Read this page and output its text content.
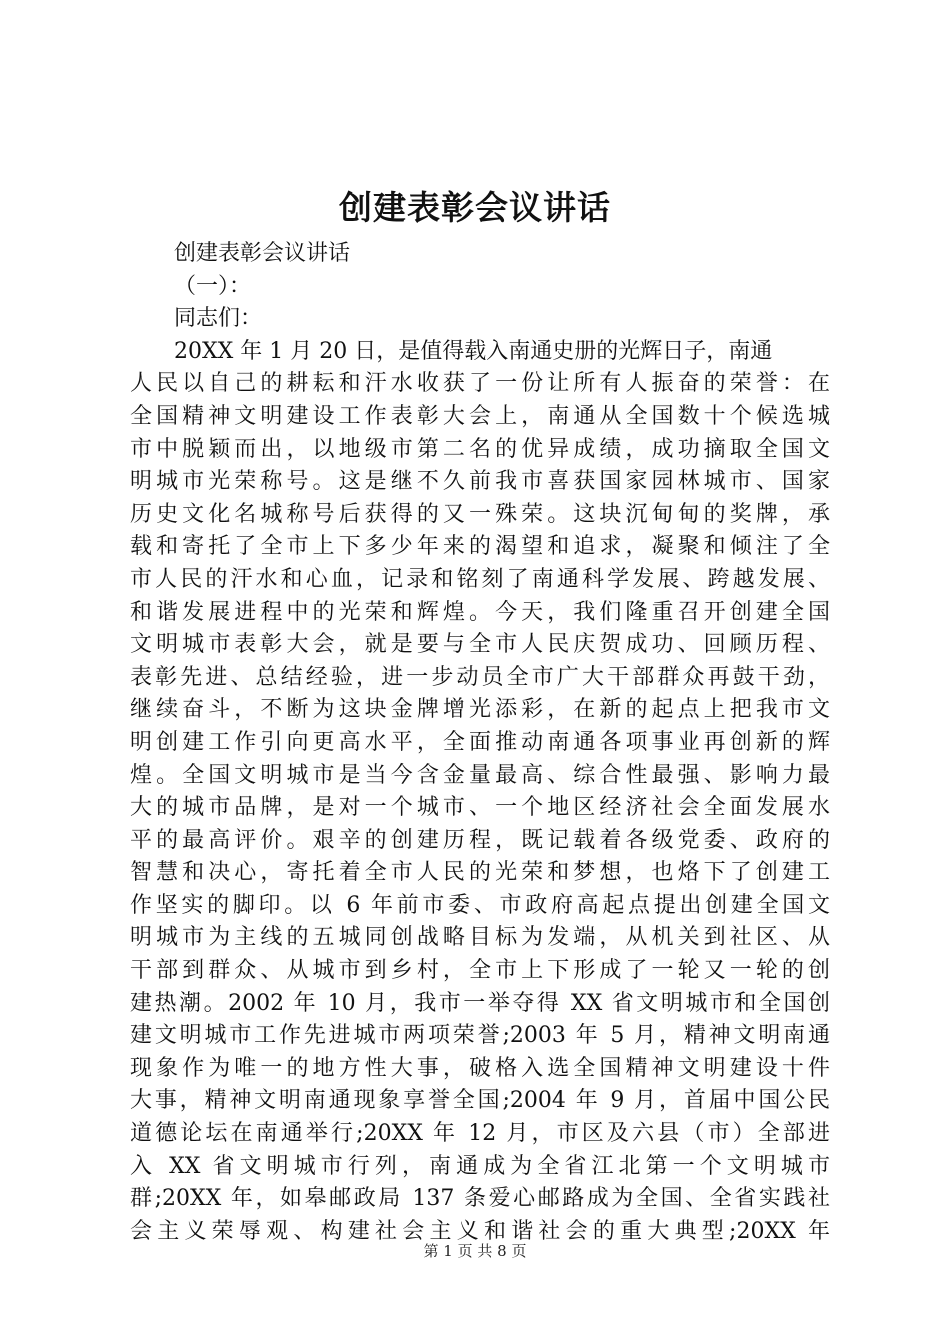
创建表彰会议讲话
创建表彰会议讲话
（一）：
同志们：
20XX 年 1 月 20 日，是值得载入南通史册的光辉日子，南通
人民以自己的耕耘和汗水收获了一份让所有人振奋的荣誉：在
全国精神文明建设工作表彰大会上，南通从全国数十个候选城
市中脱颖而出，以地级市第二名的优异成绩，成功摘取全国文
明城市光荣称号。这是继不久前我市喜获国家园林城市、国家
历史文化名城称号后获得的又一殊荣。这块沉甸甸的奖牌，承
载和寄托了全市上下多少年来的渴望和追求，凝聚和倾注了全
市人民的汗水和心血，记录和铭刻了南通科学发展、跨越发展、
和谐发展进程中的光荣和辉煌。今天，我们隆重召开创建全国
文明城市表彰大会，就是要与全市人民庆贺成功、回顾历程、
表彰先进、总结经验，进一步动员全市广大干部群众再鼓干劲，
继续奋斗，不断为这块金牌增光添彩，在新的起点上把我市文
明创建工作引向更高水平，全面推动南通各项事业再创新的辉
煌。全国文明城市是当今含金量最高、综合性最强、影响力最
大的城市品牌，是对一个城市、一个地区经济社会全面发展水
平的最高评价。艰辛的创建历程，既记载着各级党委、政府的
智慧和决心，寄托着全市人民的光荣和梦想，也烙下了创建工
作坚实的脚印。以 6 年前市委、市政府高起点提出创建全国文
明城市为主线的五城同创战略目标为发端，从机关到社区、从
干部到群众、从城市到乡村，全市上下形成了一轮又一轮的创
建热潮。2002 年 10 月，我市一举夺得 XX 省文明城市和全国创
建文明城市工作先进城市两项荣誉;2003 年 5 月，精神文明南通
现象作为唯一的地方性大事，破格入选全国精神文明建设十件
大事，精神文明南通现象享誉全国;2004 年 9 月，首届中国公民
道德论坛在南通举行;20XX 年 12 月，市区及六县（市）全部进
入 XX 省文明城市行列，南通成为全省江北第一个文明城市
群;20XX 年，如皋邮政局 137 条爱心邮路成为全国、全省实践社
会主义荣辱观、构建社会主义和谐社会的重大典型;20XX 年
第 1 页 共 8 页
